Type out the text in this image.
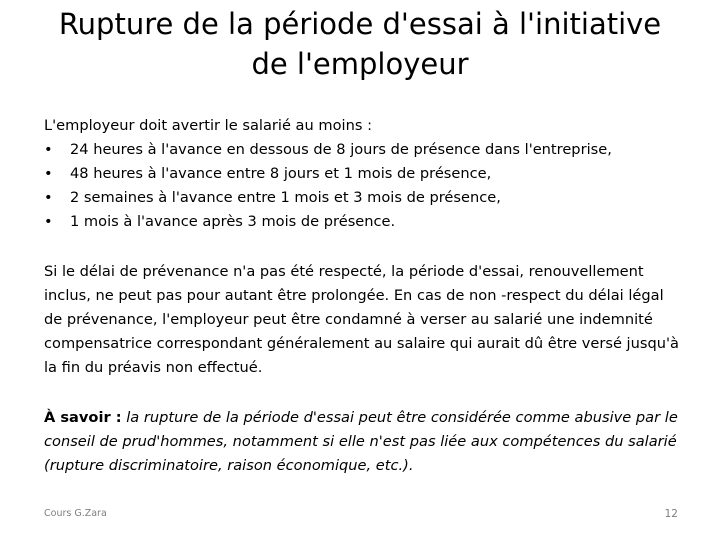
Rupture de la période d'essai à l'initiative de l'employeur

L'employeur doit avertir le salarié au moins :

• 24 heures à l'avance en dessous de 8 jours de présence dans l'entreprise,
• 48 heures à l'avance entre 8 jours et 1 mois de présence,
• 2 semaines à l'avance entre 1 mois et 3 mois de présence,
• 1 mois à l'avance après 3 mois de présence.

Si le délai de prévenance n'a pas été respecté, la période d'essai, renouvellement inclus, ne peut pas pour autant être prolongée. En cas de non -respect du délai légal de prévenance, l'employeur peut être condamné à verser au salarié une indemnité compensatrice correspondant généralement au salaire qui aurait dû être versé jusqu'à la fin du préavis non effectué.

À savoir : la rupture de la période d'essai peut être considérée comme abusive par le conseil de prud'hommes, notamment si elle n'est pas liée aux compétences du salarié (rupture discriminatoire, raison économique, etc.).

Cours G.Zara	12
